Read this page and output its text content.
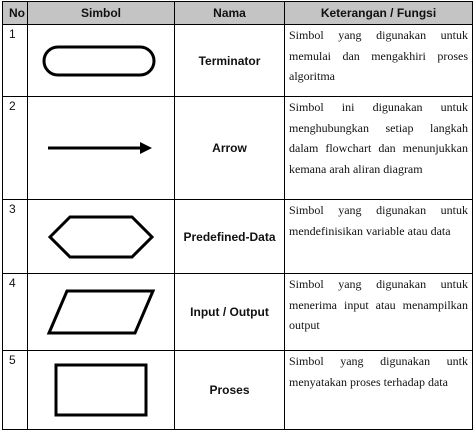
No	Simbol	Nama	Keterangan / Fungsi
1		Terminator	Simbol yang digunakan untuk memulai dan mengakhiri proses algoritma
2		Arrow	Simbol ini digunakan untuk menghubungkan setiap langkah dalam flowchart dan menunjukkan kemana arah aliran diagram
3		Predefined-Data	Simbol yang digunakan untuk mendefinisikan variable atau data
4		Input / Output	Simbol yang digunakan untuk menerima input atau menampilkan output
5		Proses	Simbol yang digunakan untk menyatakan proses terhadap data
